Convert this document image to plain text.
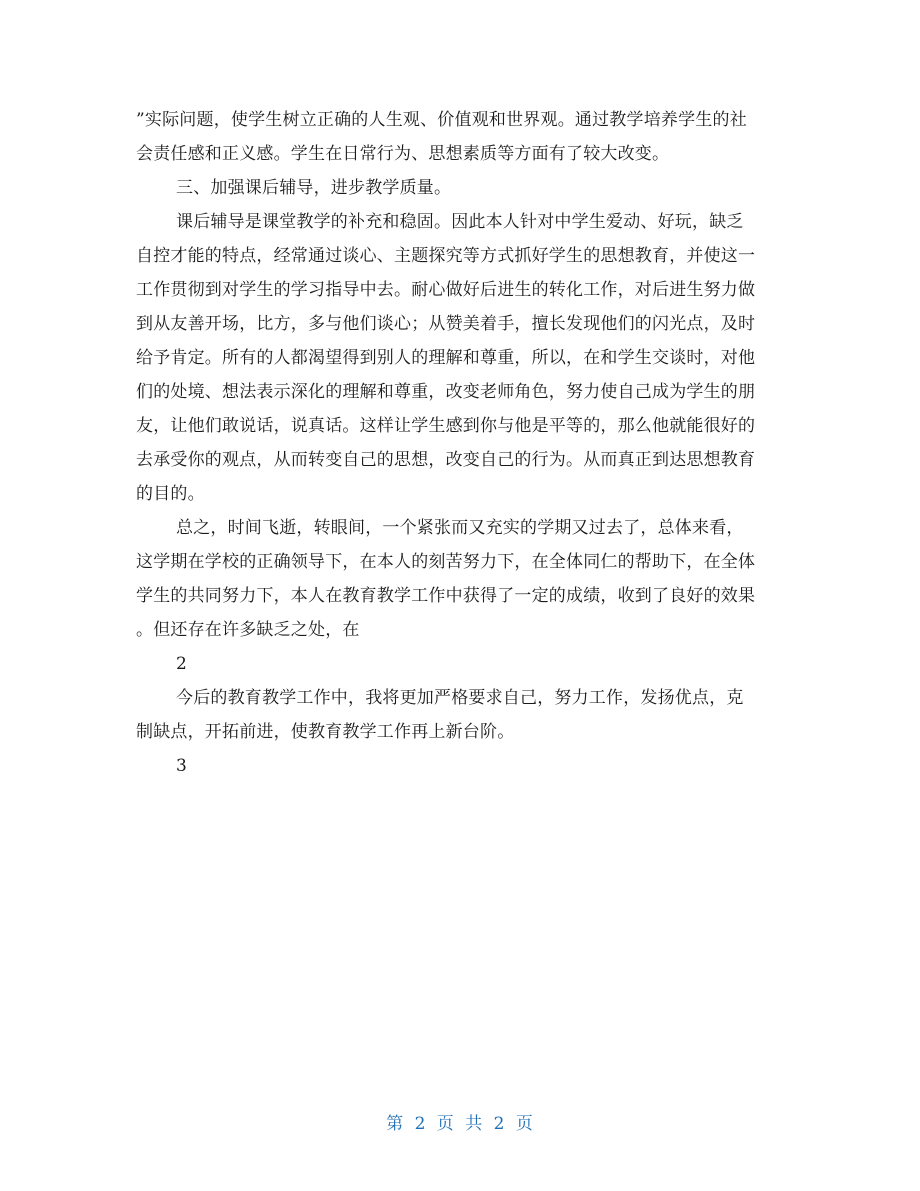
”实际问题，使学生树立正确的人生观、价值观和世界观。通过教学培养学生的社
会责任感和正义感。学生在日常行为、思想素质等方面有了较大改变。
三、加强课后辅导，进步教学质量。
课后辅导是课堂教学的补充和稳固。因此本人针对中学生爱动、好玩，缺乏
自控才能的特点，经常通过谈心、主题探究等方式抓好学生的思想教育，并使这一
工作贯彻到对学生的学习指导中去。耐心做好后进生的转化工作，对后进生努力做
到从友善开场，比方，多与他们谈心；从赞美着手，擅长发现他们的闪光点，及时
给予肯定。所有的人都渴望得到别人的理解和尊重，所以，在和学生交谈时，对他
们的处境、想法表示深化的理解和尊重，改变老师角色，努力使自己成为学生的朋
友，让他们敢说话，说真话。这样让学生感到你与他是平等的，那么他就能很好的
去承受你的观点，从而转变自己的思想，改变自己的行为。从而真正到达思想教育
的目的。
总之，时间飞逝，转眼间，一个紧张而又充实的学期又过去了，总体来看，
这学期在学校的正确领导下，在本人的刻苦努力下，在全体同仁的帮助下，在全体
学生的共同努力下，本人在教育教学工作中获得了一定的成绩，收到了良好的效果
。但还存在许多缺乏之处，在
2
今后的教育教学工作中，我将更加严格要求自己，努力工作，发扬优点，克
制缺点，开拓前进，使教育教学工作再上新台阶。
3
第 2 页 共 2 页
